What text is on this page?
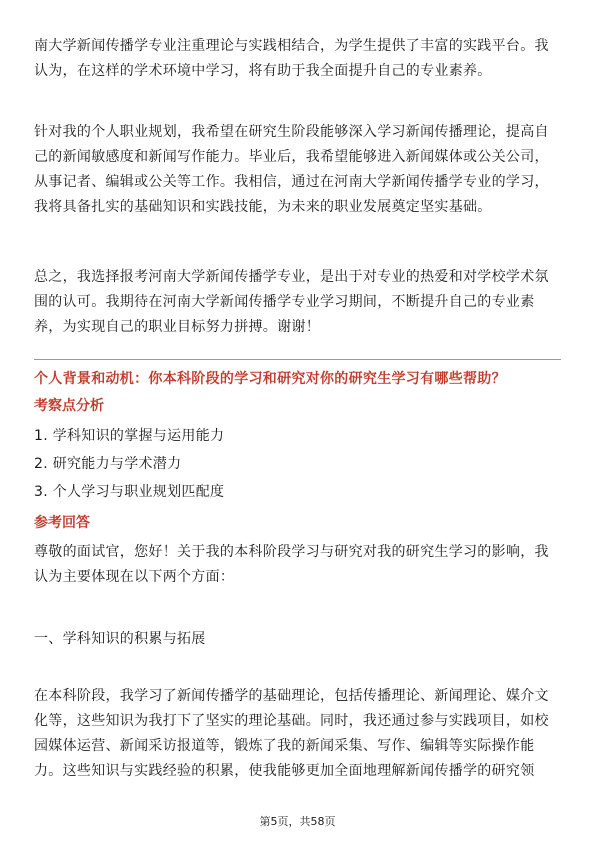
南大学新闻传播学专业注重理论与实践相结合，为学生提供了丰富的实践平台。我认为，在这样的学术环境中学习，将有助于我全面提升自己的专业素养。

针对我的个人职业规划，我希望在研究生阶段能够深入学习新闻传播理论，提高自己的新闻敏感度和新闻写作能力。毕业后，我希望能够进入新闻媒体或公关公司，从事记者、编辑或公关等工作。我相信，通过在河南大学新闻传播学专业的学习，我将具备扎实的基础知识和实践技能，为未来的职业发展奠定坚实基础。

总之，我选择报考河南大学新闻传播学专业，是出于对专业的热爱和对学校学术氛围的认可。我期待在河南大学新闻传播学专业学习期间，不断提升自己的专业素养，为实现自己的职业目标努力拼搏。谢谢！

个人背景和动机：你本科阶段的学习和研究对你的研究生学习有哪些帮助？

考察点分析

1. 学科知识的掌握与运用能力
2. 研究能力与学术潜力
3. 个人学习与职业规划匹配度

参考回答

尊敬的面试官，您好！关于我的本科阶段学习与研究对我的研究生学习的影响，我认为主要体现在以下两个方面：

一、学科知识的积累与拓展

在本科阶段，我学习了新闻传播学的基础理论，包括传播理论、新闻理论、媒介文化等，这些知识为我打下了坚实的理论基础。同时，我还通过参与实践项目，如校园媒体运营、新闻采访报道等，锻炼了我的新闻采集、写作、编辑等实际操作能力。这些知识与实践经验的积累，使我能够更加全面地理解新闻传播学的研究领

第5页，共58页
